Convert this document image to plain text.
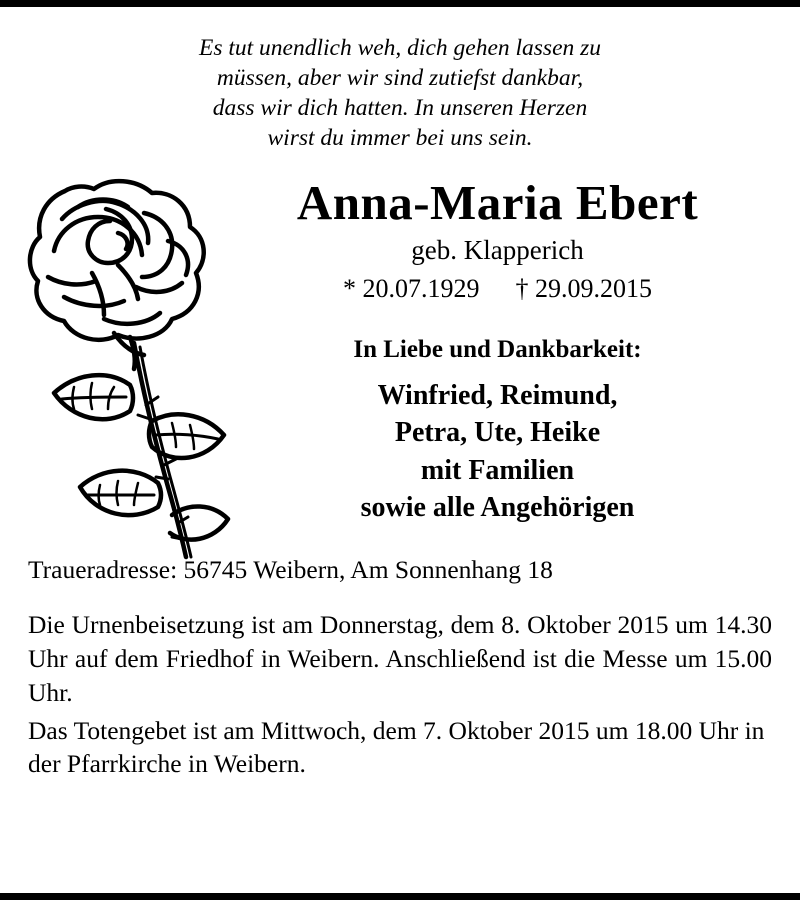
Es tut unendlich weh, dich gehen lassen zu
müssen, aber wir sind zutiefst dankbar,
dass wir dich hatten. In unseren Herzen
wirst du immer bei uns sein.
Anna-Maria Ebert
geb. Klapperich
* 20.07.1929 † 29.09.2015
In Liebe und Dankbarkeit:
Winfried, Reimund,
Petra, Ute, Heike
mit Familien
sowie alle Angehörigen
Traueradresse: 56745 Weibern, Am Sonnenhang 18

Die Urnenbeisetzung ist am Donnerstag, dem 8. Oktober 2015 um 14.30 Uhr auf dem Friedhof in Weibern. Anschließend ist die Messe um 15.00 Uhr.

Das Totengebet ist am Mittwoch, dem 7. Oktober 2015 um 18.00 Uhr in der Pfarrkirche in Weibern.
